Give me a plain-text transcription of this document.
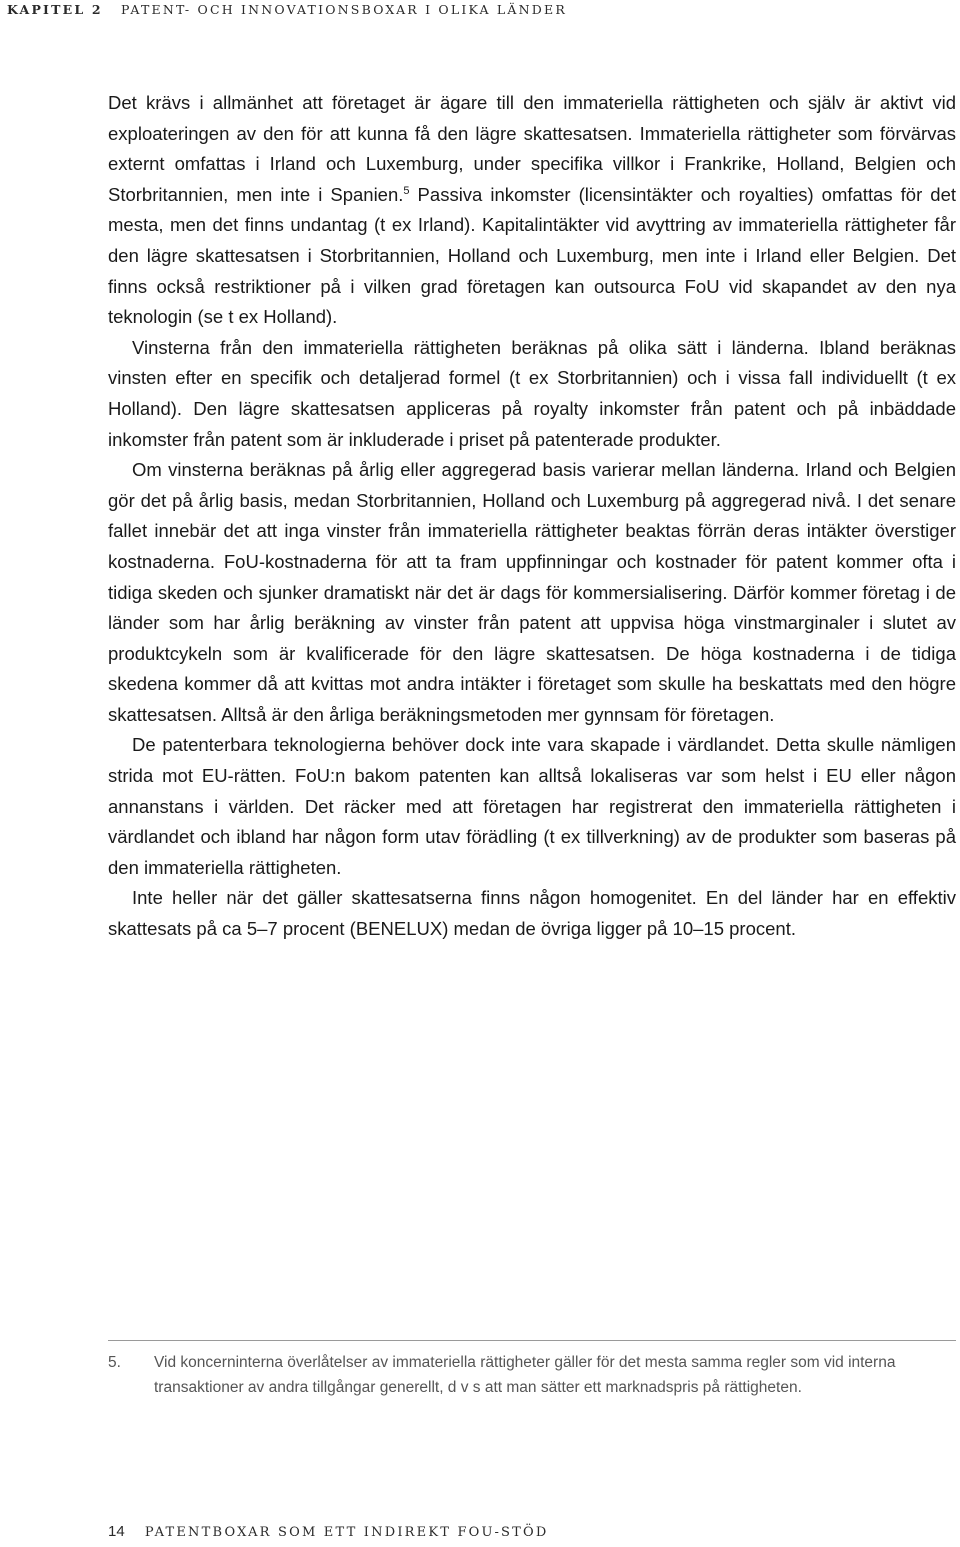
KAPITEL 2 PATENT- OCH INNOVATIONSBOXAR I OLIKA LÄNDER

Det krävs i allmänhet att företaget är ägare till den immateriella rättigheten och själv är aktivt vid exploateringen av den för att kunna få den lägre skattesatsen. Immateriella rättigheter som förvärvas externt omfattas i Irland och Luxemburg, under specifika villkor i Frankrike, Holland, Belgien och Storbritannien, men inte i Spanien.$^5$ Passiva inkomster (licensintäkter och royalties) omfattas för det mesta, men det finns undantag (t ex Irland). Kapitalintäkter vid avyttring av immateriella rättigheter får den lägre skattesatsen i Storbritannien, Holland och Luxemburg, men inte i Irland eller Belgien. Det finns också restriktioner på i vilken grad företagen kan outsourca FoU vid skapandet av den nya teknologin (se t ex Holland).

Vinsterna från den immateriella rättigheten beräknas på olika sätt i länderna. Ibland beräknas vinsten efter en specifik och detaljerad formel (t ex Storbritannien) och i vissa fall individuellt (t ex Holland). Den lägre skattesatsen appliceras på royalty inkomster från patent och på inbäddade inkomster från patent som är inkluderade i priset på patenterade produkter.

Om vinsterna beräknas på årlig eller aggregerad basis varierar mellan länderna. Irland och Belgien gör det på årlig basis, medan Storbritannien, Holland och Luxemburg på aggregerad nivå. I det senare fallet innebär det att inga vinster från immateriella rättigheter beaktas förrän deras intäkter överstiger kostnaderna. FoU-kostnaderna för att ta fram uppfinningar och kostnader för patent kommer ofta i tidiga skeden och sjunker dramatiskt när det är dags för kommersialisering. Därför kommer företag i de länder som har årlig beräkning av vinster från patent att uppvisa höga vinstmarginaler i slutet av produktcykeln som är kvalificerade för den lägre skattesatsen. De höga kostnaderna i de tidiga skedena kommer då att kvittas mot andra intäkter i företaget som skulle ha beskattats med den högre skattesatsen. Alltså är den årliga beräkningsmetoden mer gynnsam för företagen.

De patenterbara teknologierna behöver dock inte vara skapade i värdlandet. Detta skulle nämligen strida mot EU-rätten. FoU:n bakom patenten kan alltså lokaliseras var som helst i EU eller någon annanstans i världen. Det räcker med att företagen har registrerat den immateriella rättigheten i värdlandet och ibland har någon form utav förädling (t ex tillverkning) av de produkter som baseras på den immateriella rättigheten.

Inte heller när det gäller skattesatserna finns någon homogenitet. En del länder har en effektiv skattesats på ca 5–7 procent (BENELUX) medan de övriga ligger på 10–15 procent.

5.	Vid koncerninterna överlåtelser av immateriella rättigheter gäller för det mesta samma regler som vid interna transaktioner av andra tillgångar generellt, d v s att man sätter ett marknadspris på rättigheten.
14 PATENTBOXAR SOM ETT INDIREKT FOU-STÖD
